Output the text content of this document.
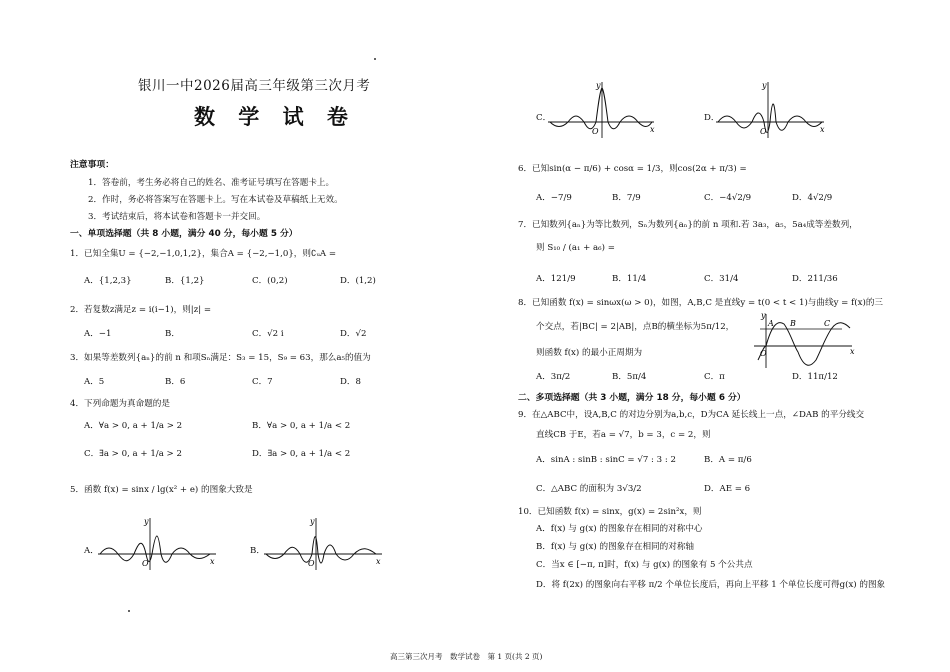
银川一中2026届高三年级第三次月考
数 学 试 卷
注意事项：
1．答卷前，考生务必将自己的姓名、准考证号填写在答题卡上。
2．作时，务必将答案写在答题卡上。写在本试卷及草稿纸上无效。
3．考试结束后，将本试卷和答题卡一并交回。
一、单项选择题（共 8 小题，满分 40 分，每小题 5 分）
1．已知全集U = {−2,−1,0,1,2}，集合A = {−2,−1,0}，则∁ᵤA =
A．{1,2,3}	B．{1,2}	C．(0,2)	D．(1,2)
2．若复数z满足z = i(i−1)，则|z| =
A．−1	B．	C．√2 i	D．√2
3．如果等差数列{aₙ}的前 n 和项Sₙ满足：S₃ = 15，S₉ = 63，那么a₅的值为
A．5	B．6	C．7	D．8
4．下列命题为真命题的是
A．∀a > 0, a + 1/a > 2	B．∀a > 0, a + 1/a < 2
C．∃a > 0, a + 1/a > 2	D．∃a > 0, a + 1/a < 2
5．函数 f(x) = sinx / lg(x² + e) 的图象大致是
A．	B．
y
x
O
y
x
O
C．	D．
y
x
O
y
x
O
6．已知sin(α − π/6) + cosα = 1/3，则cos(2α + π/3) =
A．−7/9	B．7/9	C．−4√2/9	D．4√2/9
7．已知数列{aₙ}为等比数列，Sₙ为数列{aₙ}的前 n 项和.若 3a₃，a₅，5a₄成等差数列，
则 S₁₀ / (a₁ + a₆) =
A．121/9	B．11/4	C．31/4	D．211/36
8．已知函数 f(x) = sinωx(ω > 0)，如图，A,B,C 是直线y = t(0 < t < 1)与曲线y = f(x)的三
个交点，若|BC| = 2|AB|，点B的横坐标为5π/12，
则函数 f(x) 的最小正周期为
y
x
O
A B	C
A．3π/2	B．5π/4	C．π	D．11π/12
二、多项选择题（共 3 小题，满分 18 分，每小题 6 分）
9．在△ABC中，设A,B,C 的对边分别为a,b,c，D为CA 延长线上一点，∠DAB 的平分线交
直线CB 于E，若a = √7，b = 3，c = 2，则
A．sinA : sinB : sinC = √7 : 3 : 2	B．A = π/6
C．△ABC 的面积为 3√3/2	D．AE = 6
10．已知函数 f(x) = sinx，g(x) = 2sin²x，则
A．f(x) 与 g(x) 的图象存在相同的对称中心
B．f(x) 与 g(x) 的图象存在相同的对称轴
C．当x ∈ [−π, π]时，f(x) 与 g(x) 的图象有 5 个公共点
D．将 f(2x) 的图象向右平移 π/2 个单位长度后，再向上平移 1 个单位长度可得g(x) 的图象
高三第三次月考　数学试卷　第 1 页(共 2 页)
